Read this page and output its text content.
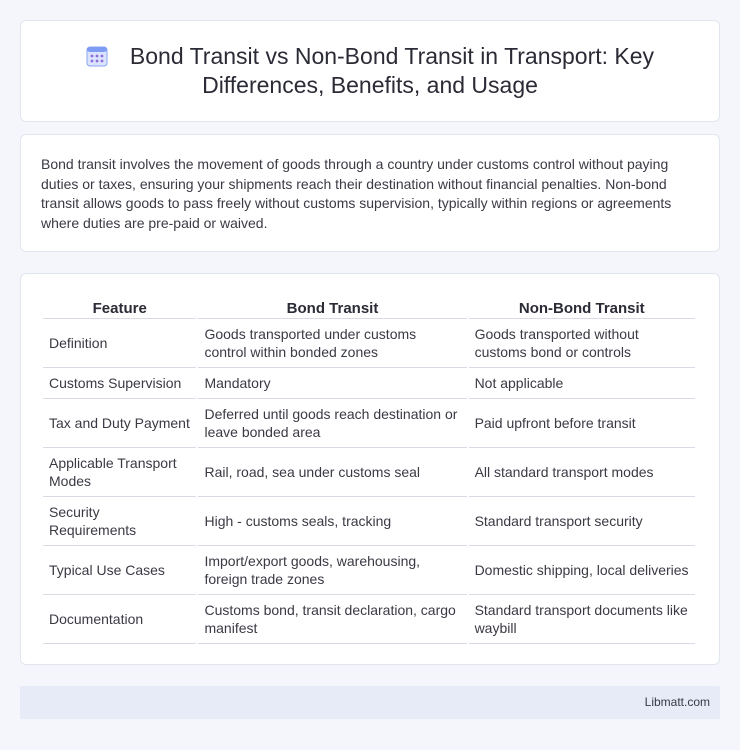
Bond Transit vs Non-Bond Transit in Transport: Key Differences, Benefits, and Usage

Bond transit involves the movement of goods through a country under customs control without paying duties or taxes, ensuring your shipments reach their destination without financial penalties. Non-bond transit allows goods to pass freely without customs supervision, typically within regions or agreements where duties are pre-paid or waived.

Feature	Bond Transit	Non-Bond Transit
Definition	Goods transported under customs control within bonded zones	Goods transported without customs bond or controls
Customs Supervision	Mandatory	Not applicable
Tax and Duty Payment	Deferred until goods reach destination or leave bonded area	Paid upfront before transit
Applicable Transport Modes	Rail, road, sea under customs seal	All standard transport modes
Security Requirements	High - customs seals, tracking	Standard transport security
Typical Use Cases	Import/export goods, warehousing, foreign trade zones	Domestic shipping, local deliveries
Documentation	Customs bond, transit declaration, cargo manifest	Standard transport documents like waybill
Libmatt.com
